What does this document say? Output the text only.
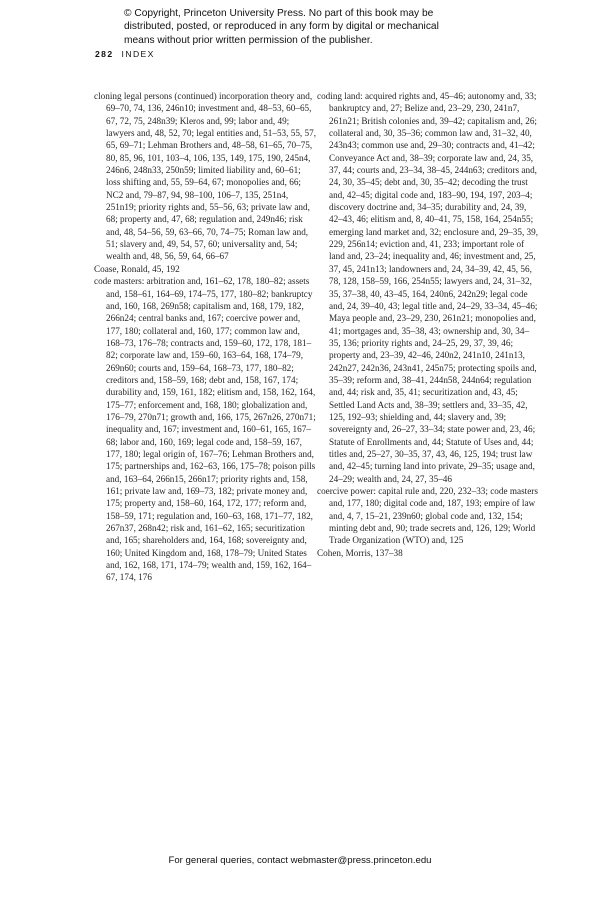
© Copyright, Princeton University Press. No part of this book may be distributed, posted, or reproduced in any form by digital or mechanical means without prior written permission of the publisher.
282 INDEX

cloning legal persons (continued) incorporation theory and, 69–70, 74, 136, 246n10; investment and, 48–53, 60–65, 67, 72, 75, 248n39; Kleros and, 99; labor and, 49; lawyers and, 48, 52, 70; legal entities and, 51–53, 55, 57, 65, 69–71; Lehman Brothers and, 48–58, 61–65, 70–75, 80, 85, 96, 101, 103–4, 106, 135, 149, 175, 190, 245n4, 246n6, 248n33, 250n59; limited liability and, 60–61; loss shifting and, 55, 59–64, 67; monopolies and, 66; NC2 and, 79–87, 94, 98–100, 106–7, 135, 251n4, 251n19; priority rights and, 55–56, 63; private law and, 68; property and, 47, 68; regulation and, 249n46; risk and, 48, 54–56, 59, 63–66, 70, 74–75; Roman law and, 51; slavery and, 49, 54, 57, 60; universality and, 54; wealth and, 48, 56, 59, 64, 66–67

Coase, Ronald, 45, 192

code masters: arbitration and, 161–62, 178, 180–82; assets and, 158–61, 164–69, 174–75, 177, 180–82; bankruptcy and, 160, 168, 269n58; capitalism and, 168, 179, 182, 266n24; central banks and, 167; coercive power and, 177, 180; collateral and, 160, 177; common law and, 168–73, 176–78; contracts and, 159–60, 172, 178, 181–82; corporate law and, 159–60, 163–64, 168, 174–79, 269n60; courts and, 159–64, 168–73, 177, 180–82; creditors and, 158–59, 168; debt and, 158, 167, 174; durability and, 159, 161, 182; elitism and, 158, 162, 164, 175–77; enforcement and, 168, 180; globalization and, 176–79, 270n71; growth and, 166, 175, 267n26, 270n71; inequality and, 167; investment and, 160–61, 165, 167–68; labor and, 160, 169; legal code and, 158–59, 167, 177, 180; legal origin of, 167–76; Lehman Brothers and, 175; partnerships and, 162–63, 166, 175–78; poison pills and, 163–64, 266n15, 266n17; priority rights and, 158, 161; private law and, 169–73, 182; private money and, 175; property and, 158–60, 164, 172, 177; reform and, 158–59, 171; regulation and, 160–63, 168, 171–77, 182, 267n37, 268n42; risk and, 161–62, 165; securitization and, 165; shareholders and, 164, 168; sovereignty and, 160; United Kingdom and, 168, 178–79; United States and, 162, 168, 171, 174–79; wealth and, 159, 162, 164–67, 174, 176

coding land: acquired rights and, 45–46; autonomy and, 33; bankruptcy and, 27; Belize and, 23–29, 230, 241n7, 261n21; British colonies and, 39–42; capitalism and, 26; collateral and, 30, 35–36; common law and, 31–32, 40, 243n43; common use and, 29–30; contracts and, 41–42; Conveyance Act and, 38–39; corporate law and, 24, 35, 37, 44; courts and, 23–34, 38–45, 244n63; creditors and, 24, 30, 35–45; debt and, 30, 35–42; decoding the trust and, 42–45; digital code and, 183–90, 194, 197, 203–4; discovery doctrine and, 34–35; durability and, 24, 39, 42–43, 46; elitism and, 8, 40–41, 75, 158, 164, 254n55; emerging land market and, 32; enclosure and, 29–35, 39, 229, 256n14; eviction and, 41, 233; important role of land and, 23–24; inequality and, 46; investment and, 25, 37, 45, 241n13; landowners and, 24, 34–39, 42, 45, 56, 78, 128, 158–59, 166, 254n55; lawyers and, 24, 31–32, 35, 37–38, 40, 43–45, 164, 240n6, 242n29; legal code and, 24, 39–40, 43; legal title and, 24–29, 33–34, 45–46; Maya people and, 23–29, 230, 261n21; monopolies and, 41; mortgages and, 35–38, 43; ownership and, 30, 34–35, 136; priority rights and, 24–25, 29, 37, 39, 46; property and, 23–39, 42–46, 240n2, 241n10, 241n13, 242n27, 242n36, 243n41, 245n75; protecting spoils and, 35–39; reform and, 38–41, 244n58, 244n64; regulation and, 44; risk and, 35, 41; securitization and, 43, 45; Settled Land Acts and, 38–39; settlers and, 33–35, 42, 125, 192–93; shielding and, 44; slavery and, 39; sovereignty and, 26–27, 33–34; state power and, 23, 46; Statute of Enrollments and, 44; Statute of Uses and, 44; titles and, 25–27, 30–35, 37, 43, 46, 125, 194; trust law and, 42–45; turning land into private, 29–35; usage and, 24–29; wealth and, 24, 27, 35–46

coercive power: capital rule and, 220, 232–33; code masters and, 177, 180; digital code and, 187, 193; empire of law and, 4, 7, 15–21, 239n60; global code and, 132, 154; minting debt and, 90; trade secrets and, 126, 129; World Trade Organization (WTO) and, 125

Cohen, Morris, 137–38

For general queries, contact webmaster@press.princeton.edu
